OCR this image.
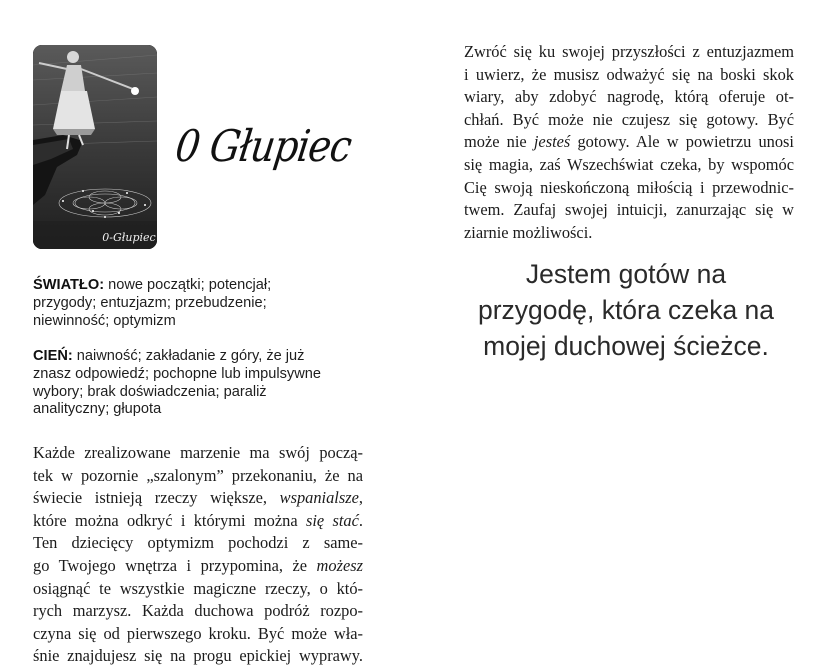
0-Głupiec
0 Głupiec

ŚWIATŁO: nowe początki; potencjał;
przygody; entuzjazm; przebudzenie;
niewinność; optymizm

CIEŃ: naiwność; zakładanie z góry, że już
znasz odpowiedź; pochopne lub impulsywne
wybory; brak doświadczenia; paraliż
analityczny; głupota

Każde zrealizowane marzenie ma swój począ-
tek w pozornie „szalonym” przekonaniu, że na
świecie istnieją rzeczy większe, wspanialsze,
które można odkryć i którymi można się stać.
Ten dziecięcy optymizm pochodzi z same-
go Twojego wnętrza i przypomina, że możesz
osiągnąć te wszystkie magiczne rzeczy, o któ-
rych marzysz. Każda duchowa podróż rozpo-
czyna się od pierwszego kroku. Być może wła-
śnie znajdujesz się na progu epickiej wyprawy.
Zwróć się ku swojej przyszłości z entuzjazmem
i uwierz, że musisz odważyć się na boski skok
wiary, aby zdobyć nagrodę, którą oferuje ot-
chłań. Być może nie czujesz się gotowy. Być
może nie jesteś gotowy. Ale w powietrzu unosi
się magia, zaś Wszechświat czeka, by wspomóc
Cię swoją nieskończoną miłością i przewodnic-
twem. Zaufaj swojej intuicji, zanurzając się w
ziarnie możliwości.
Jestem gotów na
przygodę, która czeka na
mojej duchowej ścieżce.
